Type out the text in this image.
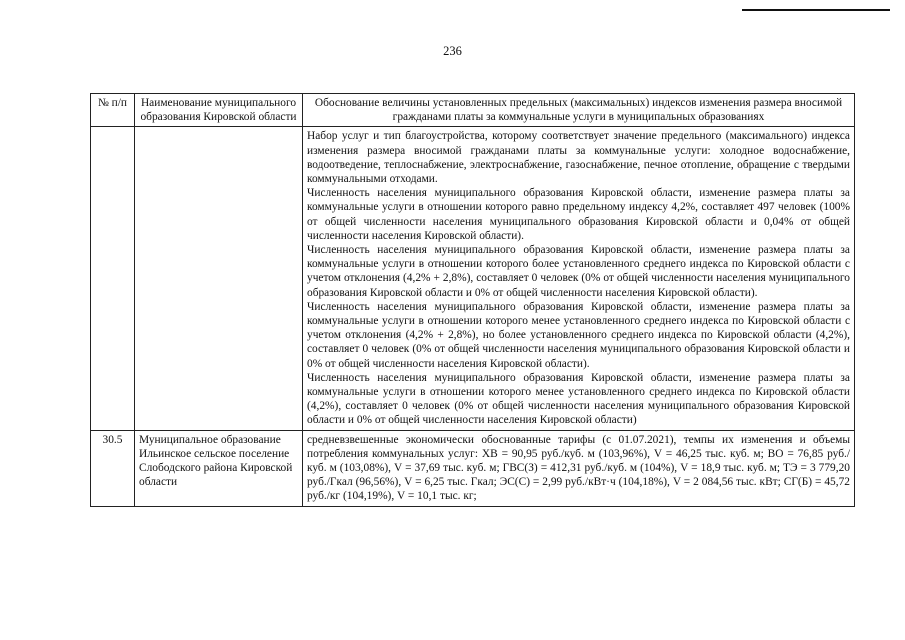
236
№ п/п	Наименование муниципального образования Кировской области	Обоснование величины установленных предельных (максимальных) индексов изменения размера вносимой гражданами платы за коммунальные услуги в муниципальных образованиях

		Набор услуг и тип благоустройства, которому соответствует значение предельного (максимального) индекса изменения размера вносимой гражданами платы за коммунальные услуги: холодное водоснабжение, водоотведение, теплоснабжение, электроснабжение, газоснабжение, печное отопление, обращение с твердыми коммунальными отходами.

Численность населения муниципального образования Кировской области, изменение размера платы за коммунальные услуги в отношении которого равно предельному индексу 4,2%, составляет 497 человек (100% от общей численности населения муниципального образования Кировской области и 0,04% от общей численности населения Кировской области).

Численность населения муниципального образования Кировской области, изменение размера платы за коммунальные услуги в отношении которого более установленного среднего индекса по Кировской области с учетом отклонения (4,2% + 2,8%), составляет 0 человек (0% от общей численности населения муниципального образования Кировской области и 0% от общей численности населения Кировской области).

Численность населения муниципального образования Кировской области, изменение размера платы за коммунальные услуги в отношении которого менее установленного среднего индекса по Кировской области с учетом отклонения (4,2% + 2,8%), но более установленного среднего индекса по Кировской области (4,2%), составляет 0 человек (0% от общей численности населения муниципального образования Кировской области и 0% от общей численности населения Кировской области).

Численность населения муниципального образования Кировской области, изменение размера платы за коммунальные услуги в отношении которого менее установленного среднего индекса по Кировской области (4,2%), составляет 0 человек (0% от общей численности населения муниципального образования Кировской области и 0% от общей численности населения Кировской области)

30.5	Муниципальное образование Ильинское сельское поселение Слободского района Кировской области	средневзвешенные экономически обоснованные тарифы (с 01.07.2021), темпы их изменения и объемы потребления коммунальных услуг: ХВ = 90,95 руб./куб. м (103,96%), V = 46,25 тыс. куб. м; ВО = 76,85 руб./куб. м (103,08%), V = 37,69 тыс. куб. м; ГВС(З) = 412,31 руб./куб. м (104%), V = 18,9 тыс. куб. м; ТЭ = 3 779,20 руб./Гкал (96,56%), V = 6,25 тыс. Гкал; ЭС(С) = 2,99 руб./кВт·ч (104,18%), V = 2 084,56 тыс. кВт; СГ(Б) = 45,72 руб./кг (104,19%), V = 10,1 тыс. кг;
